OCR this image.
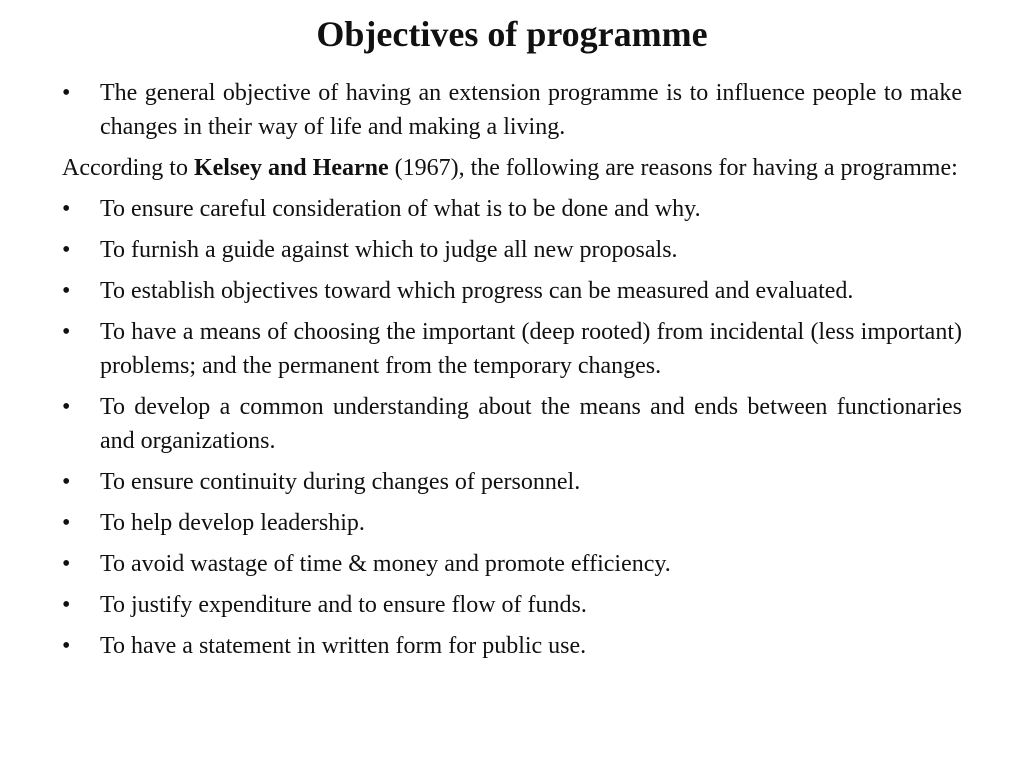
Objectives of programme
•	The general objective of having an extension programme is to influence people to make changes in their way of life and making a living.

According to Kelsey and Hearne (1967), the following are reasons for having a programme:

•	To ensure careful consideration of what is to be done and why.
•	To furnish a guide against which to judge all new proposals.
•	To establish objectives toward which progress can be measured and evaluated.
•	To have a means of choosing the important (deep rooted) from incidental (less important) problems; and the permanent from the temporary changes.
•	To develop a common understanding about the means and ends between functionaries and organizations.
•	To ensure continuity during changes of personnel.
•	To help develop leadership.
•	To avoid wastage of time & money and promote efficiency.
•	To justify expenditure and to ensure flow of funds.
•	To have a statement in written form for public use.
